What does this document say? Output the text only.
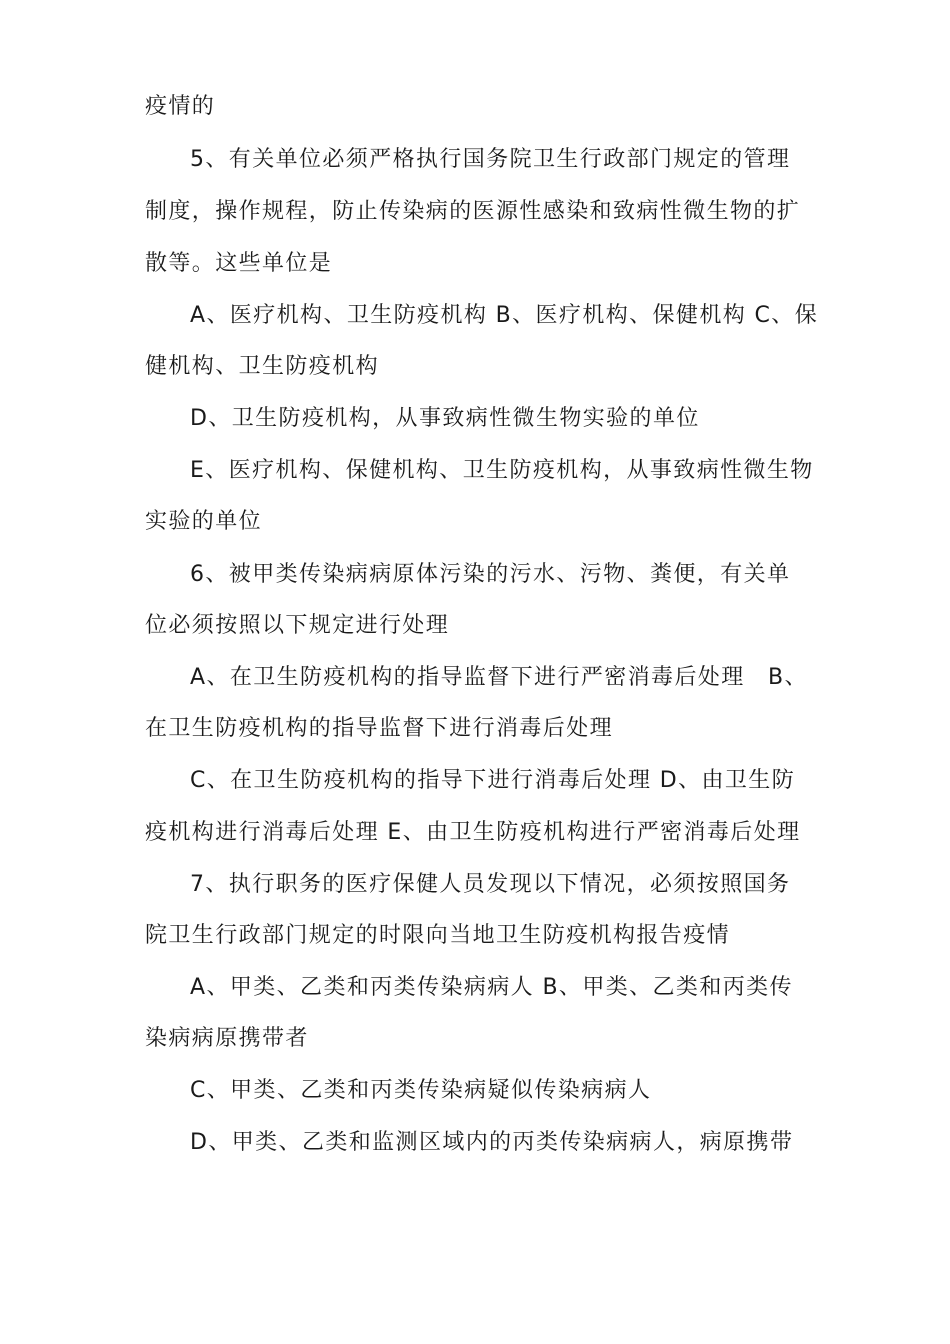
疫情的
5、有关单位必须严格执行国务院卫生行政部门规定的管理
制度，操作规程，防止传染病的医源性感染和致病性微生物的扩
散等。这些单位是
A、医疗机构、卫生防疫机构 B、医疗机构、保健机构 C、保
健机构、卫生防疫机构
D、卫生防疫机构，从事致病性微生物实验的单位
E、医疗机构、保健机构、卫生防疫机构，从事致病性微生物
实验的单位
6、被甲类传染病病原体污染的污水、污物、粪便，有关单
位必须按照以下规定进行处理
A、在卫生防疫机构的指导监督下进行严密消毒后处理　B、
在卫生防疫机构的指导监督下进行消毒后处理
C、在卫生防疫机构的指导下进行消毒后处理 D、由卫生防
疫机构进行消毒后处理 E、由卫生防疫机构进行严密消毒后处理
7、执行职务的医疗保健人员发现以下情况，必须按照国务
院卫生行政部门规定的时限向当地卫生防疫机构报告疫情
A、甲类、乙类和丙类传染病病人 B、甲类、乙类和丙类传
染病病原携带者
C、甲类、乙类和丙类传染病疑似传染病病人
D、甲类、乙类和监测区域内的丙类传染病病人，病原携带
